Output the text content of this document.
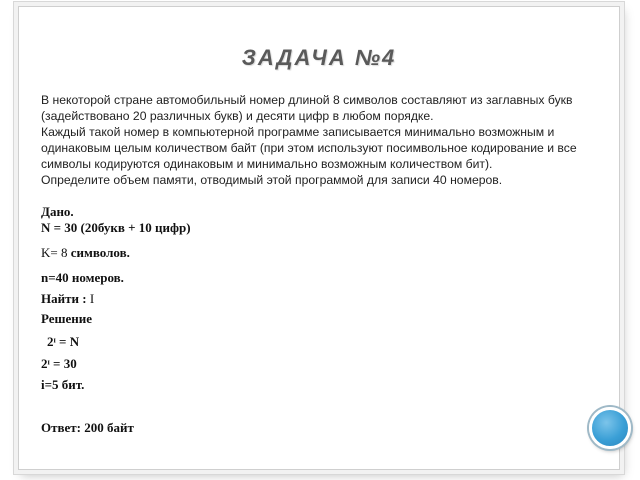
ЗАДАЧА №4
В некоторой стране автомобильный номер длиной 8 символов составляют из заглавных букв (задействовано 20 различных букв) и десяти цифр в любом порядке.
Каждый такой номер в компьютерной программе записывается минимально возможным и одинаковым целым количеством байт (при этом используют посимвольное кодирование и все символы кодируются одинаковым и минимально возможным количеством бит).
Определите объем памяти, отводимый этой программой для записи 40 номеров.
Дано.
N = 30 (20букв + 10 цифр)
K= 8 символов.
n=40 номеров.
Найти : I
Решение
2ᶦ = N
2ᶦ = 30
i=5 бит.
Ответ: 200 байт
